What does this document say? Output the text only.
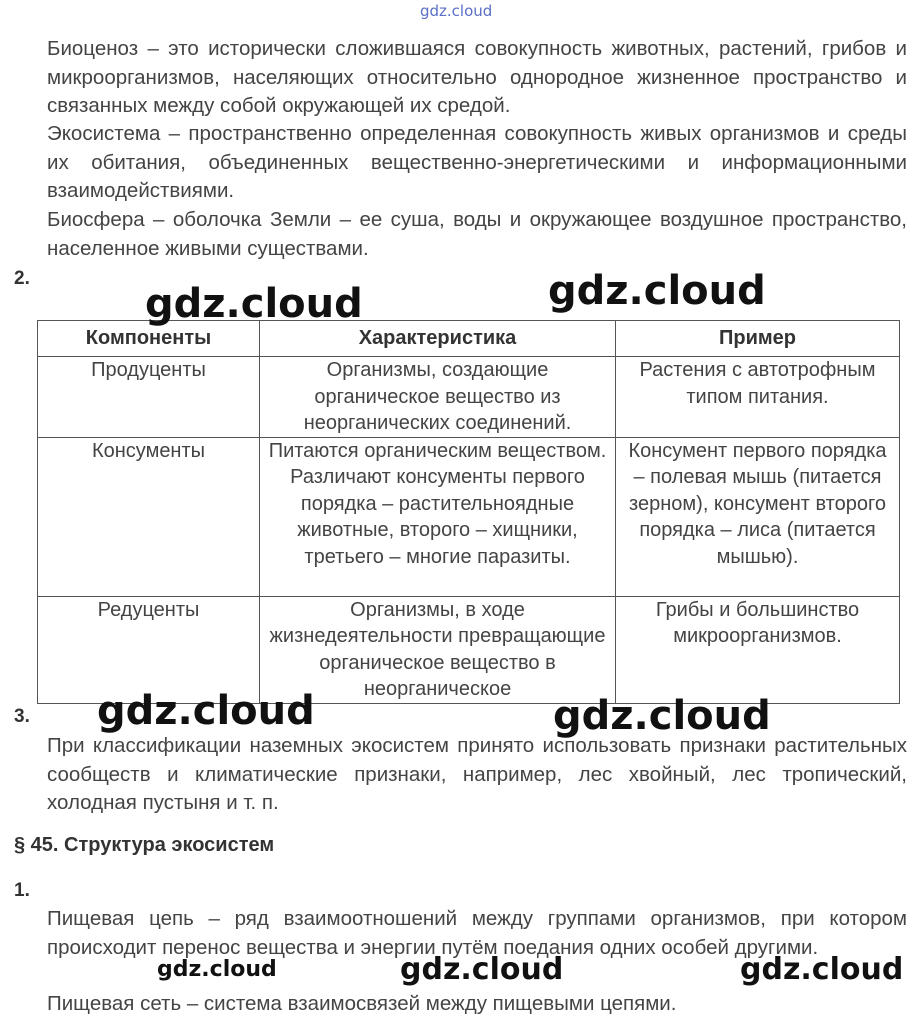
gdz.cloud

Биоценоз – это исторически сложившаяся совокупность животных, растений, грибов и микроорганизмов, населяющих относительно однородное жизненное пространство и связанных между собой окружающей их средой.

Экосистема – пространственно определенная совокупность живых организмов и среды их обитания, объединенных вещественно-энергетическими и информационными взаимодействиями.

Биосфера – оболочка Земли – ее суша, воды и окружающее воздушное пространство, населенное живыми существами.

2.
Компоненты	Характеристика	Пример
Продуценты	Организмы, создающие органическое вещество из неорганических соединений.	Растения с автотрофным типом питания.
Консументы	Питаются органическим веществом. Различают консументы первого порядка – растительноядные животные, второго – хищники, третьего – многие паразиты.	Консумент первого порядка – полевая мышь (питается зерном), консумент второго порядка – лиса (питается мышью).
Редуценты	Организмы, в ходе жизнедеятельности превращающие органическое вещество в неорганическое	Грибы и большинство микроорганизмов.
3.

При классификации наземных экосистем принято использовать признаки растительных сообществ и климатические признаки, например, лес хвойный, лес тропический, холодная пустыня и т. п.

§ 45. Структура экосистем
1.

Пищевая цепь – ряд взаимоотношений между группами организмов, при котором происходит перенос вещества и энергии путём поедания одних особей другими.

Пищевая сеть – система взаимосвязей между пищевыми цепями.

gdz.cloud	gdz.cloud
gdz.cloud	gdz.cloud
gdz.cloud	gdz.cloud	gdz.cloud
